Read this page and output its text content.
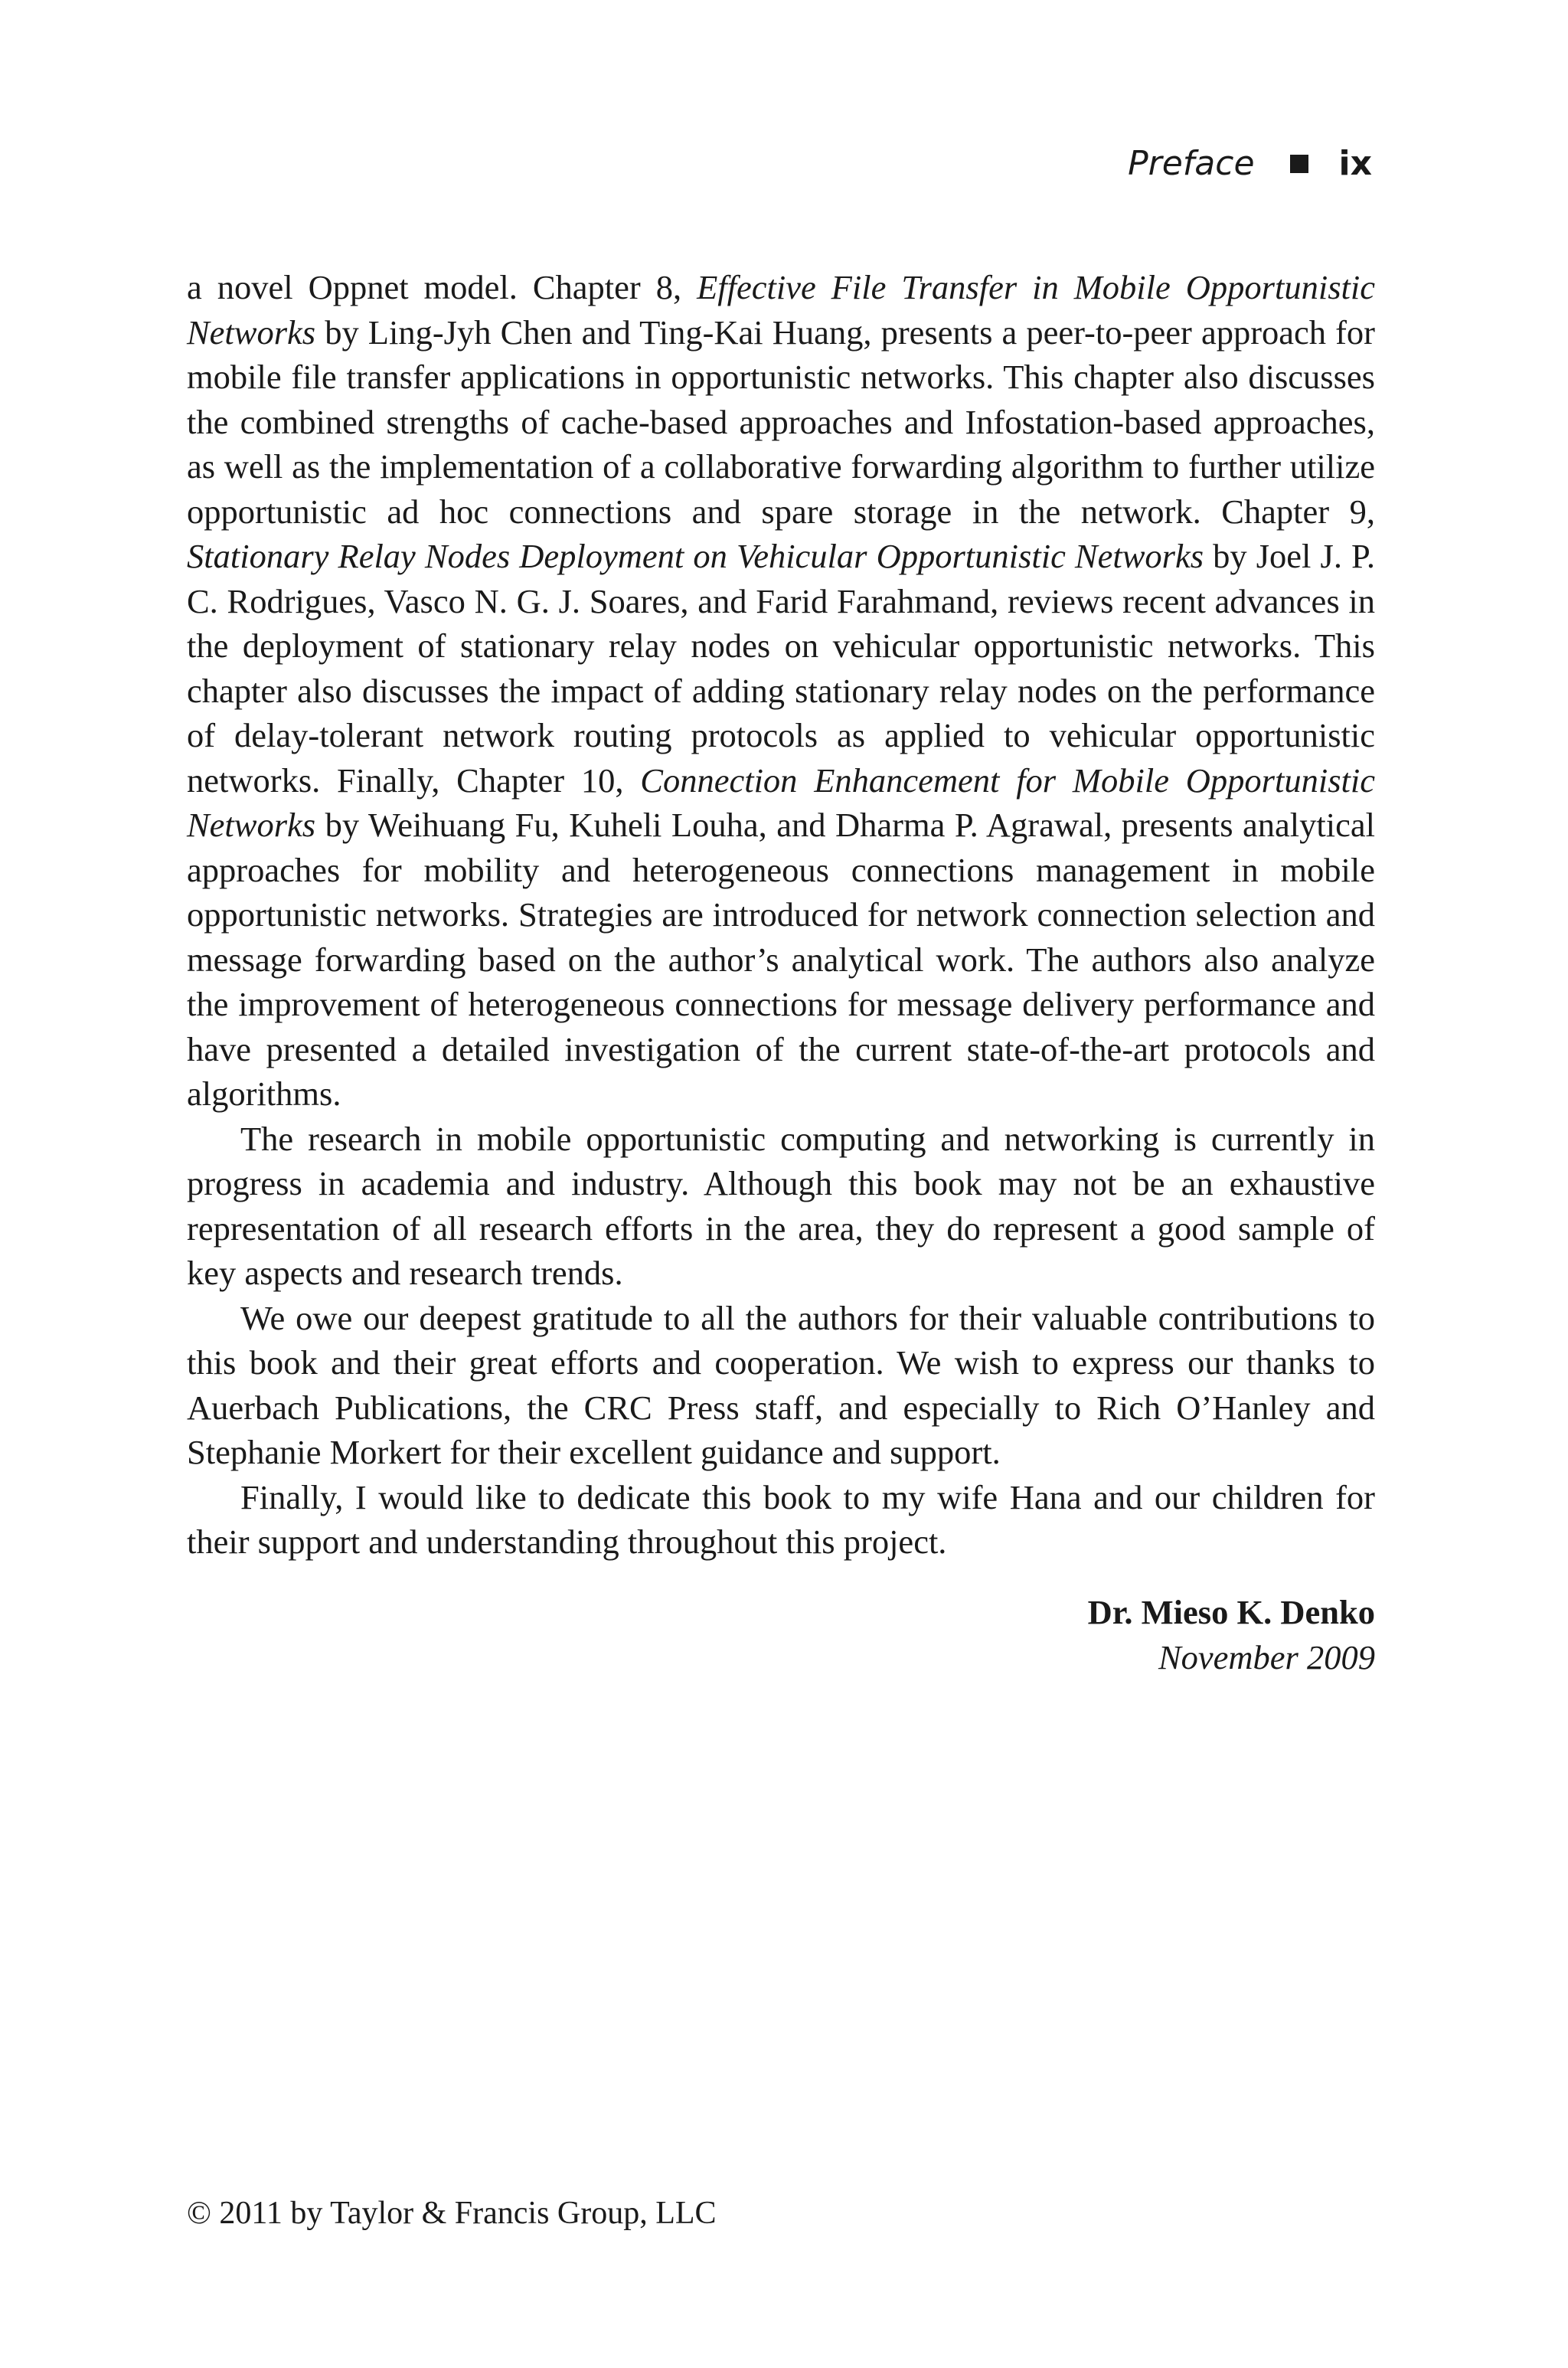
Preface	ix

a novel Oppnet model. Chapter 8, Effective File Transfer in Mobile Opportunistic Networks by Ling-Jyh Chen and Ting-Kai Huang, presents a peer-to-peer approach for mobile file transfer applications in opportunistic networks. This chapter also discusses the combined strengths of cache-based approaches and Infostation-based approaches, as well as the implementation of a collaborative forwarding algorithm to further utilize opportunistic ad hoc connections and spare storage in the network. Chapter 9, Stationary Relay Nodes Deployment on Vehicular Opportunistic Networks by Joel J. P. C. Rodrigues, Vasco N. G. J. Soares, and Farid Farahmand, reviews recent advances in the deployment of stationary relay nodes on vehicular opportunistic networks. This chapter also discusses the impact of adding stationary relay nodes on the performance of delay-tolerant network routing protocols as applied to vehicular opportunistic networks. Finally, Chapter 10, Connection Enhancement for Mobile Opportunistic Networks by Weihuang Fu, Kuheli Louha, and Dharma P. Agrawal, presents analytical approaches for mobility and heterogeneous connections management in mobile opportunistic networks. Strategies are introduced for network connection selection and message forwarding based on the author’s analytical work. The authors also analyze the improvement of heterogeneous connections for message delivery performance and have presented a detailed investigation of the current state-of-the-art protocols and algorithms.

The research in mobile opportunistic computing and networking is currently in progress in academia and industry. Although this book may not be an exhaustive representation of all research efforts in the area, they do represent a good sample of key aspects and research trends.

We owe our deepest gratitude to all the authors for their valuable contributions to this book and their great efforts and cooperation. We wish to express our thanks to Auerbach Publications, the CRC Press staff, and especially to Rich O’Hanley and Stephanie Morkert for their excellent guidance and support.

Finally, I would like to dedicate this book to my wife Hana and our children for their support and understanding throughout this project.

Dr. Mieso K. Denko
November 2009
© 2011 by Taylor & Francis Group, LLC
